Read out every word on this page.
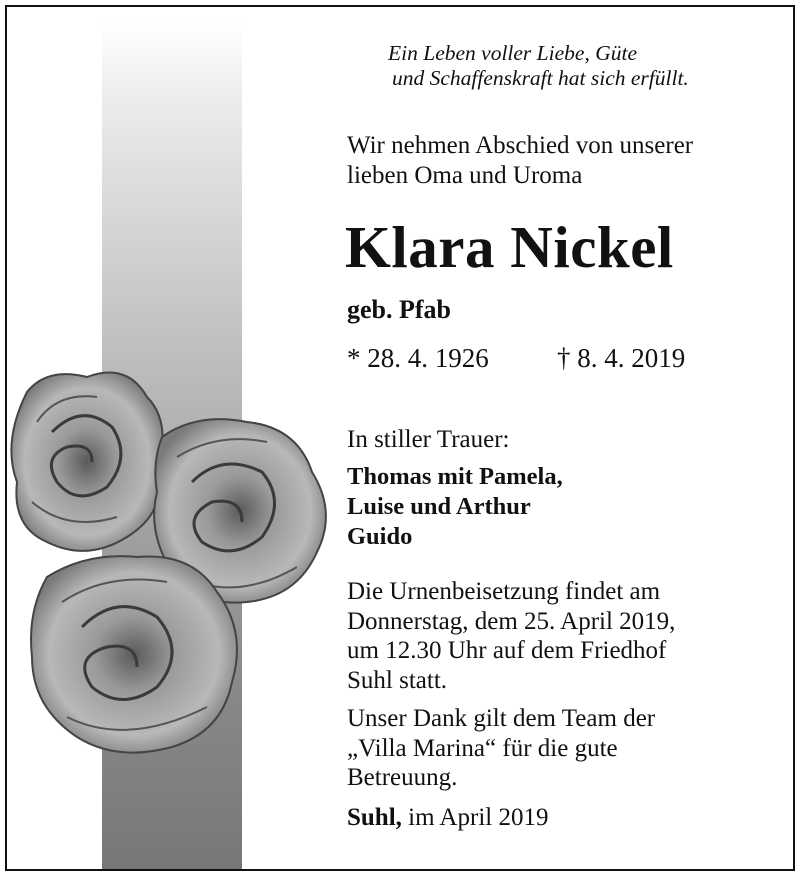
Ein Leben voller Liebe, Güte
und Schaffenskraft hat sich erfüllt.
Wir nehmen Abschied von unserer
lieben Oma und Uroma
Klara Nickel
geb. Pfab
* 28. 4. 1926	† 8. 4. 2019
In stiller Trauer:
Thomas mit Pamela,
Luise und Arthur
Guido
Die Urnenbeisetzung findet am
Donnerstag, dem 25. April 2019,
um 12.30 Uhr auf dem Friedhof
Suhl statt.
Unser Dank gilt dem Team der
„Villa Marina“ für die gute
Betreuung.
Suhl, im April 2019
